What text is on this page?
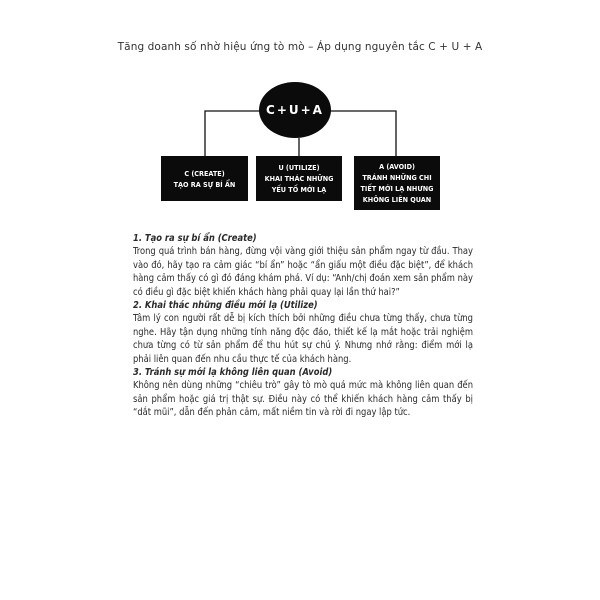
Tăng doanh số nhờ hiệu ứng tò mò – Áp dụng nguyên tắc C + U + A
C+U+A
C (CREATE)
TẠO RA SỰ BÍ ẨN
U (UTILIZE)
KHAI THÁC NHỮNG
YẾU TỐ MỚI LẠ
A (AVOID)
TRÁNH NHỮNG CHI
TIẾT MỚI LẠ NHƯNG
KHÔNG LIÊN QUAN

1. Tạo ra sự bí ẩn (Create)

Trong quá trình bán hàng, đừng vội vàng giới thiệu sản phẩm ngay từ đầu. Thay vào đó, hãy tạo ra cảm giác “bí ẩn” hoặc “ẩn giấu một điều đặc biệt”, để khách hàng cảm thấy có gì đó đáng khám phá. Ví dụ: “Anh/chị đoán xem sản phẩm này có điều gì đặc biệt khiến khách hàng phải quay lại lần thứ hai?”

2. Khai thác những điều mới lạ (Utilize)

Tâm lý con người rất dễ bị kích thích bởi những điều chưa từng thấy, chưa từng nghe. Hãy tận dụng những tính năng độc đáo, thiết kế lạ mắt hoặc trải nghiệm chưa từng có từ sản phẩm để thu hút sự chú ý. Nhưng nhớ rằng: điểm mới lạ phải liên quan đến nhu cầu thực tế của khách hàng.

3. Tránh sự mới lạ không liên quan (Avoid)

Không nên dùng những “chiêu trò” gây tò mò quá mức mà không liên quan đến sản phẩm hoặc giá trị thật sự. Điều này có thể khiến khách hàng cảm thấy bị “dắt mũi”, dẫn đến phản cảm, mất niềm tin và rời đi ngay lập tức.
